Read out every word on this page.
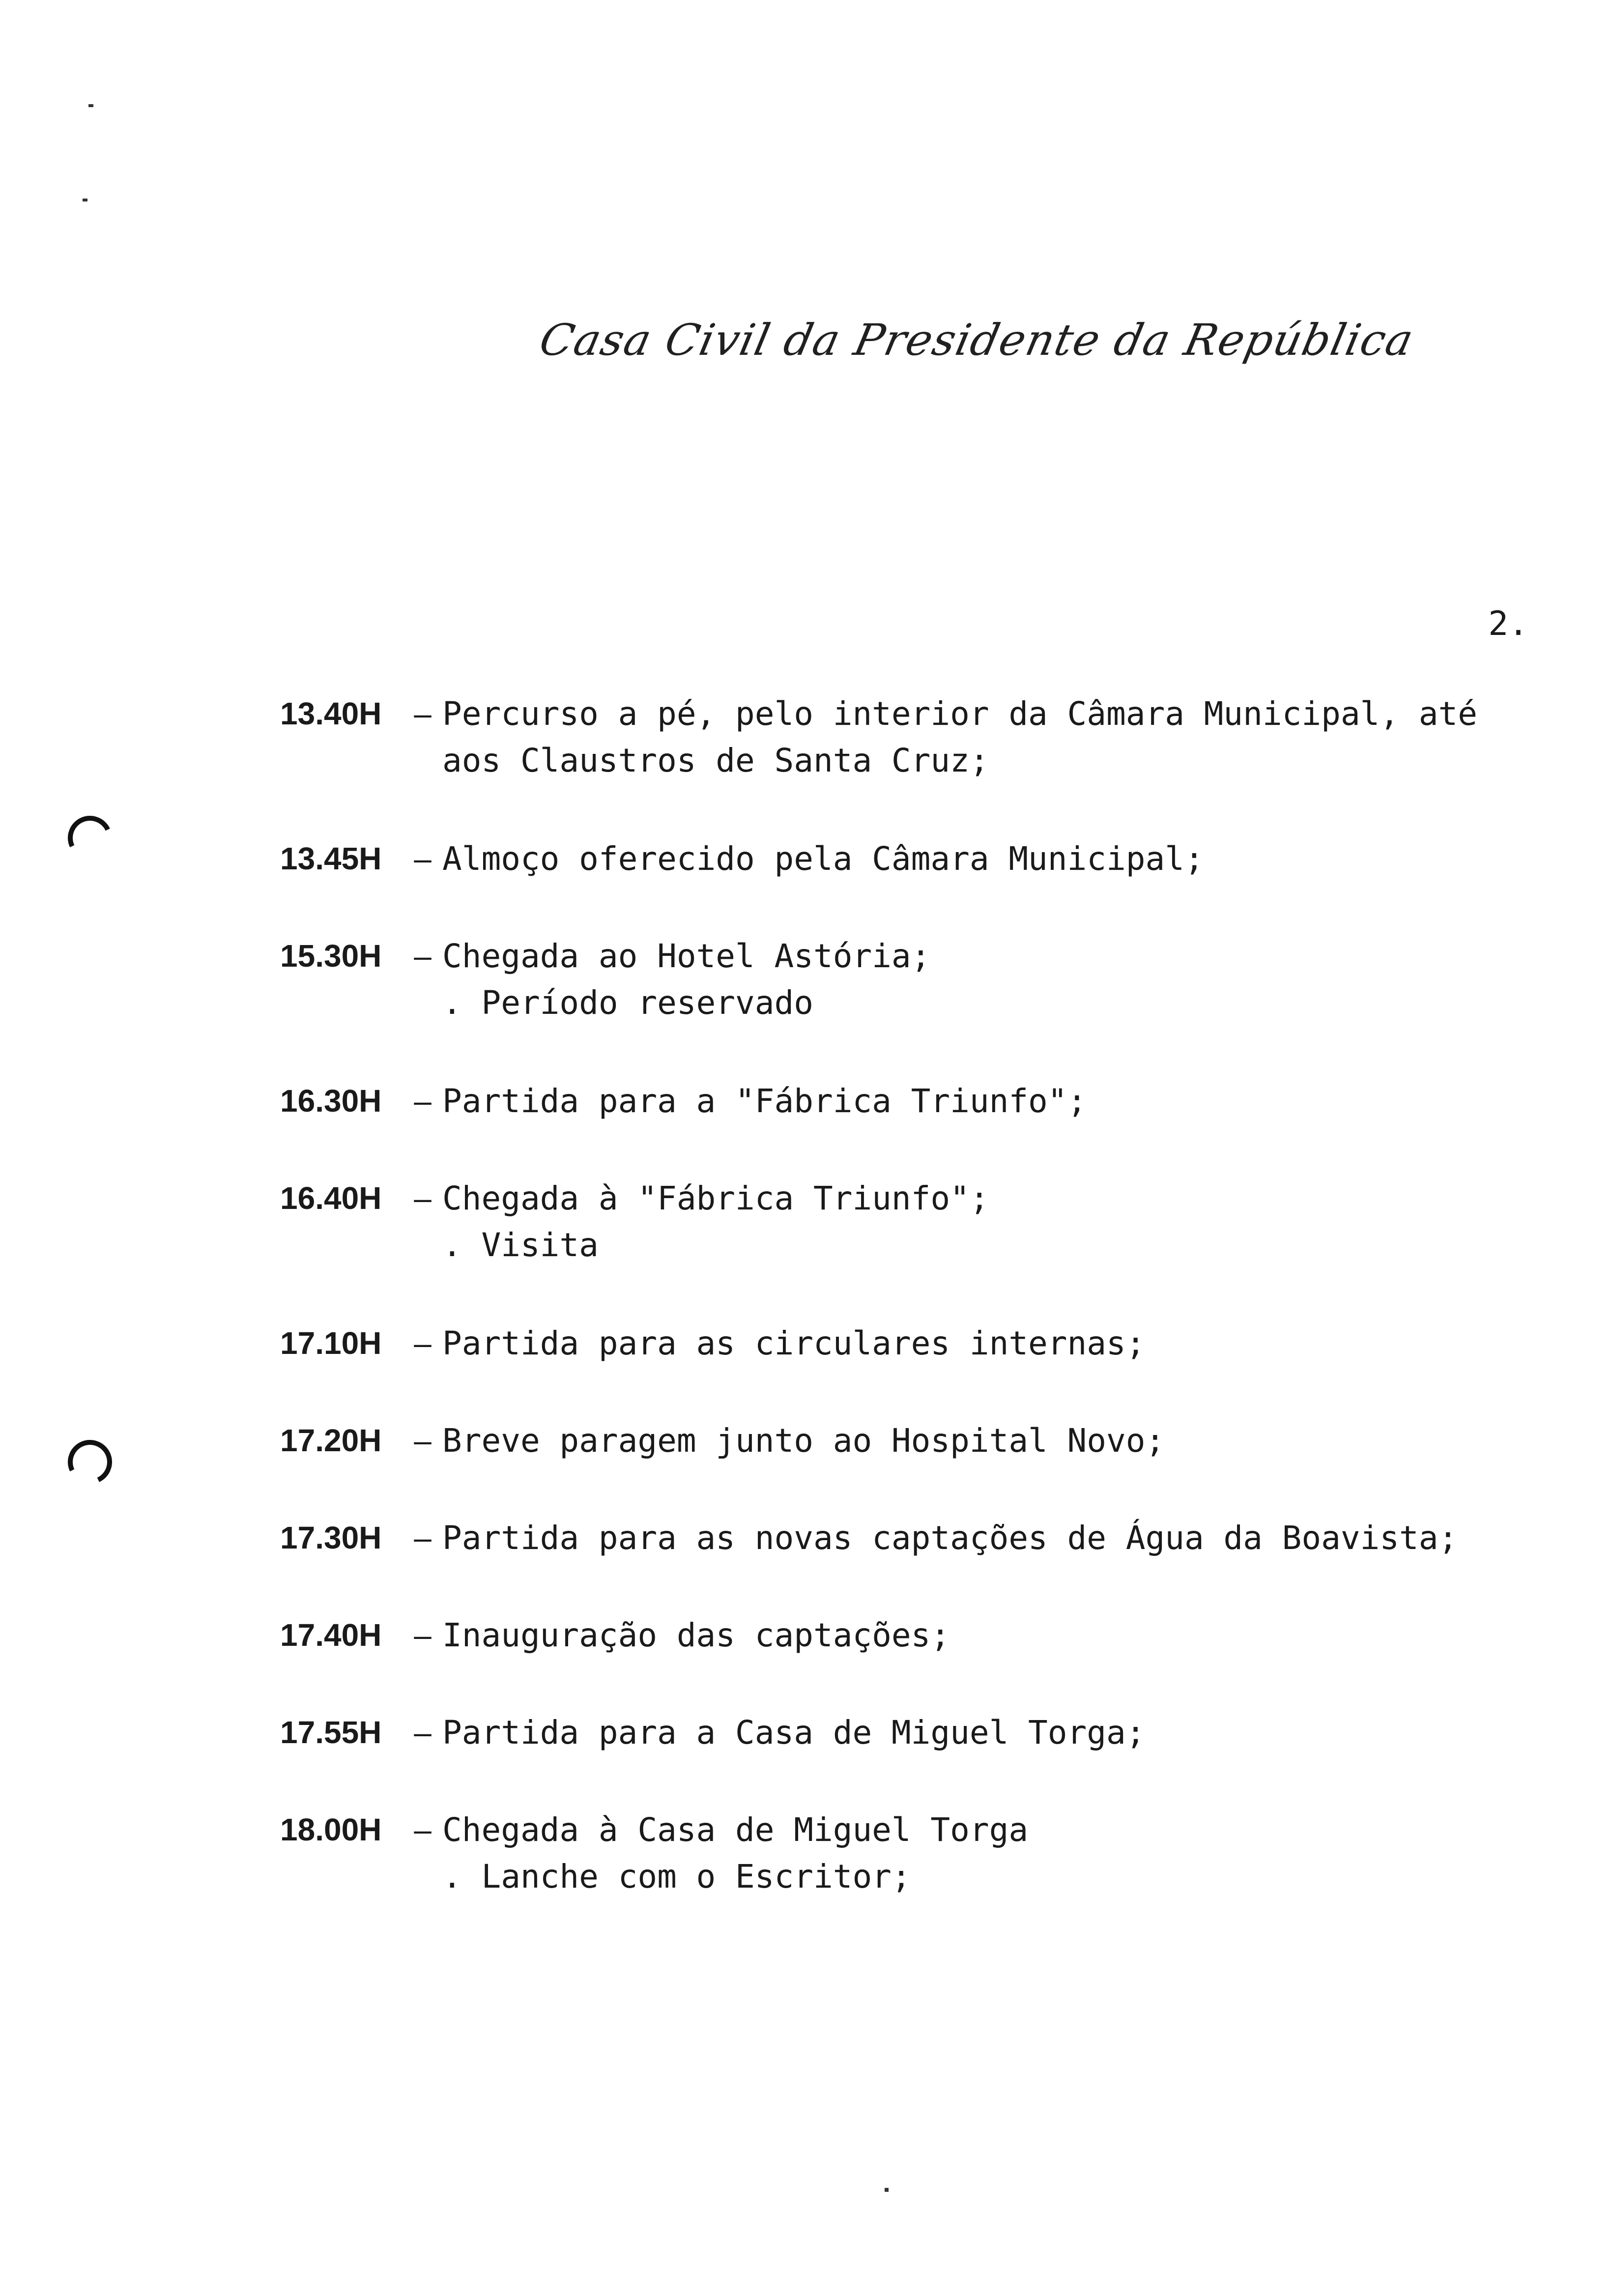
Casa Civil da Presidente da República
2.
13.40H	– Percurso a pé, pelo interior da Câmara Municipal, até
aos Claustros de Santa Cruz;
13.45H	– Almoço oferecido pela Câmara Municipal;
15.30H	– Chegada ao Hotel Astória;
. Período reservado
16.30H	– Partida para a "Fábrica Triunfo";
16.40H	– Chegada à "Fábrica Triunfo";
. Visita
17.10H	– Partida para as circulares internas;
17.20H	– Breve paragem junto ao Hospital Novo;
17.30H	– Partida para as novas captações de Água da Boavista;
17.40H	– Inauguração das captações;
17.55H	– Partida para a Casa de Miguel Torga;
18.00H	– Chegada à Casa de Miguel Torga
. Lanche com o Escritor;
